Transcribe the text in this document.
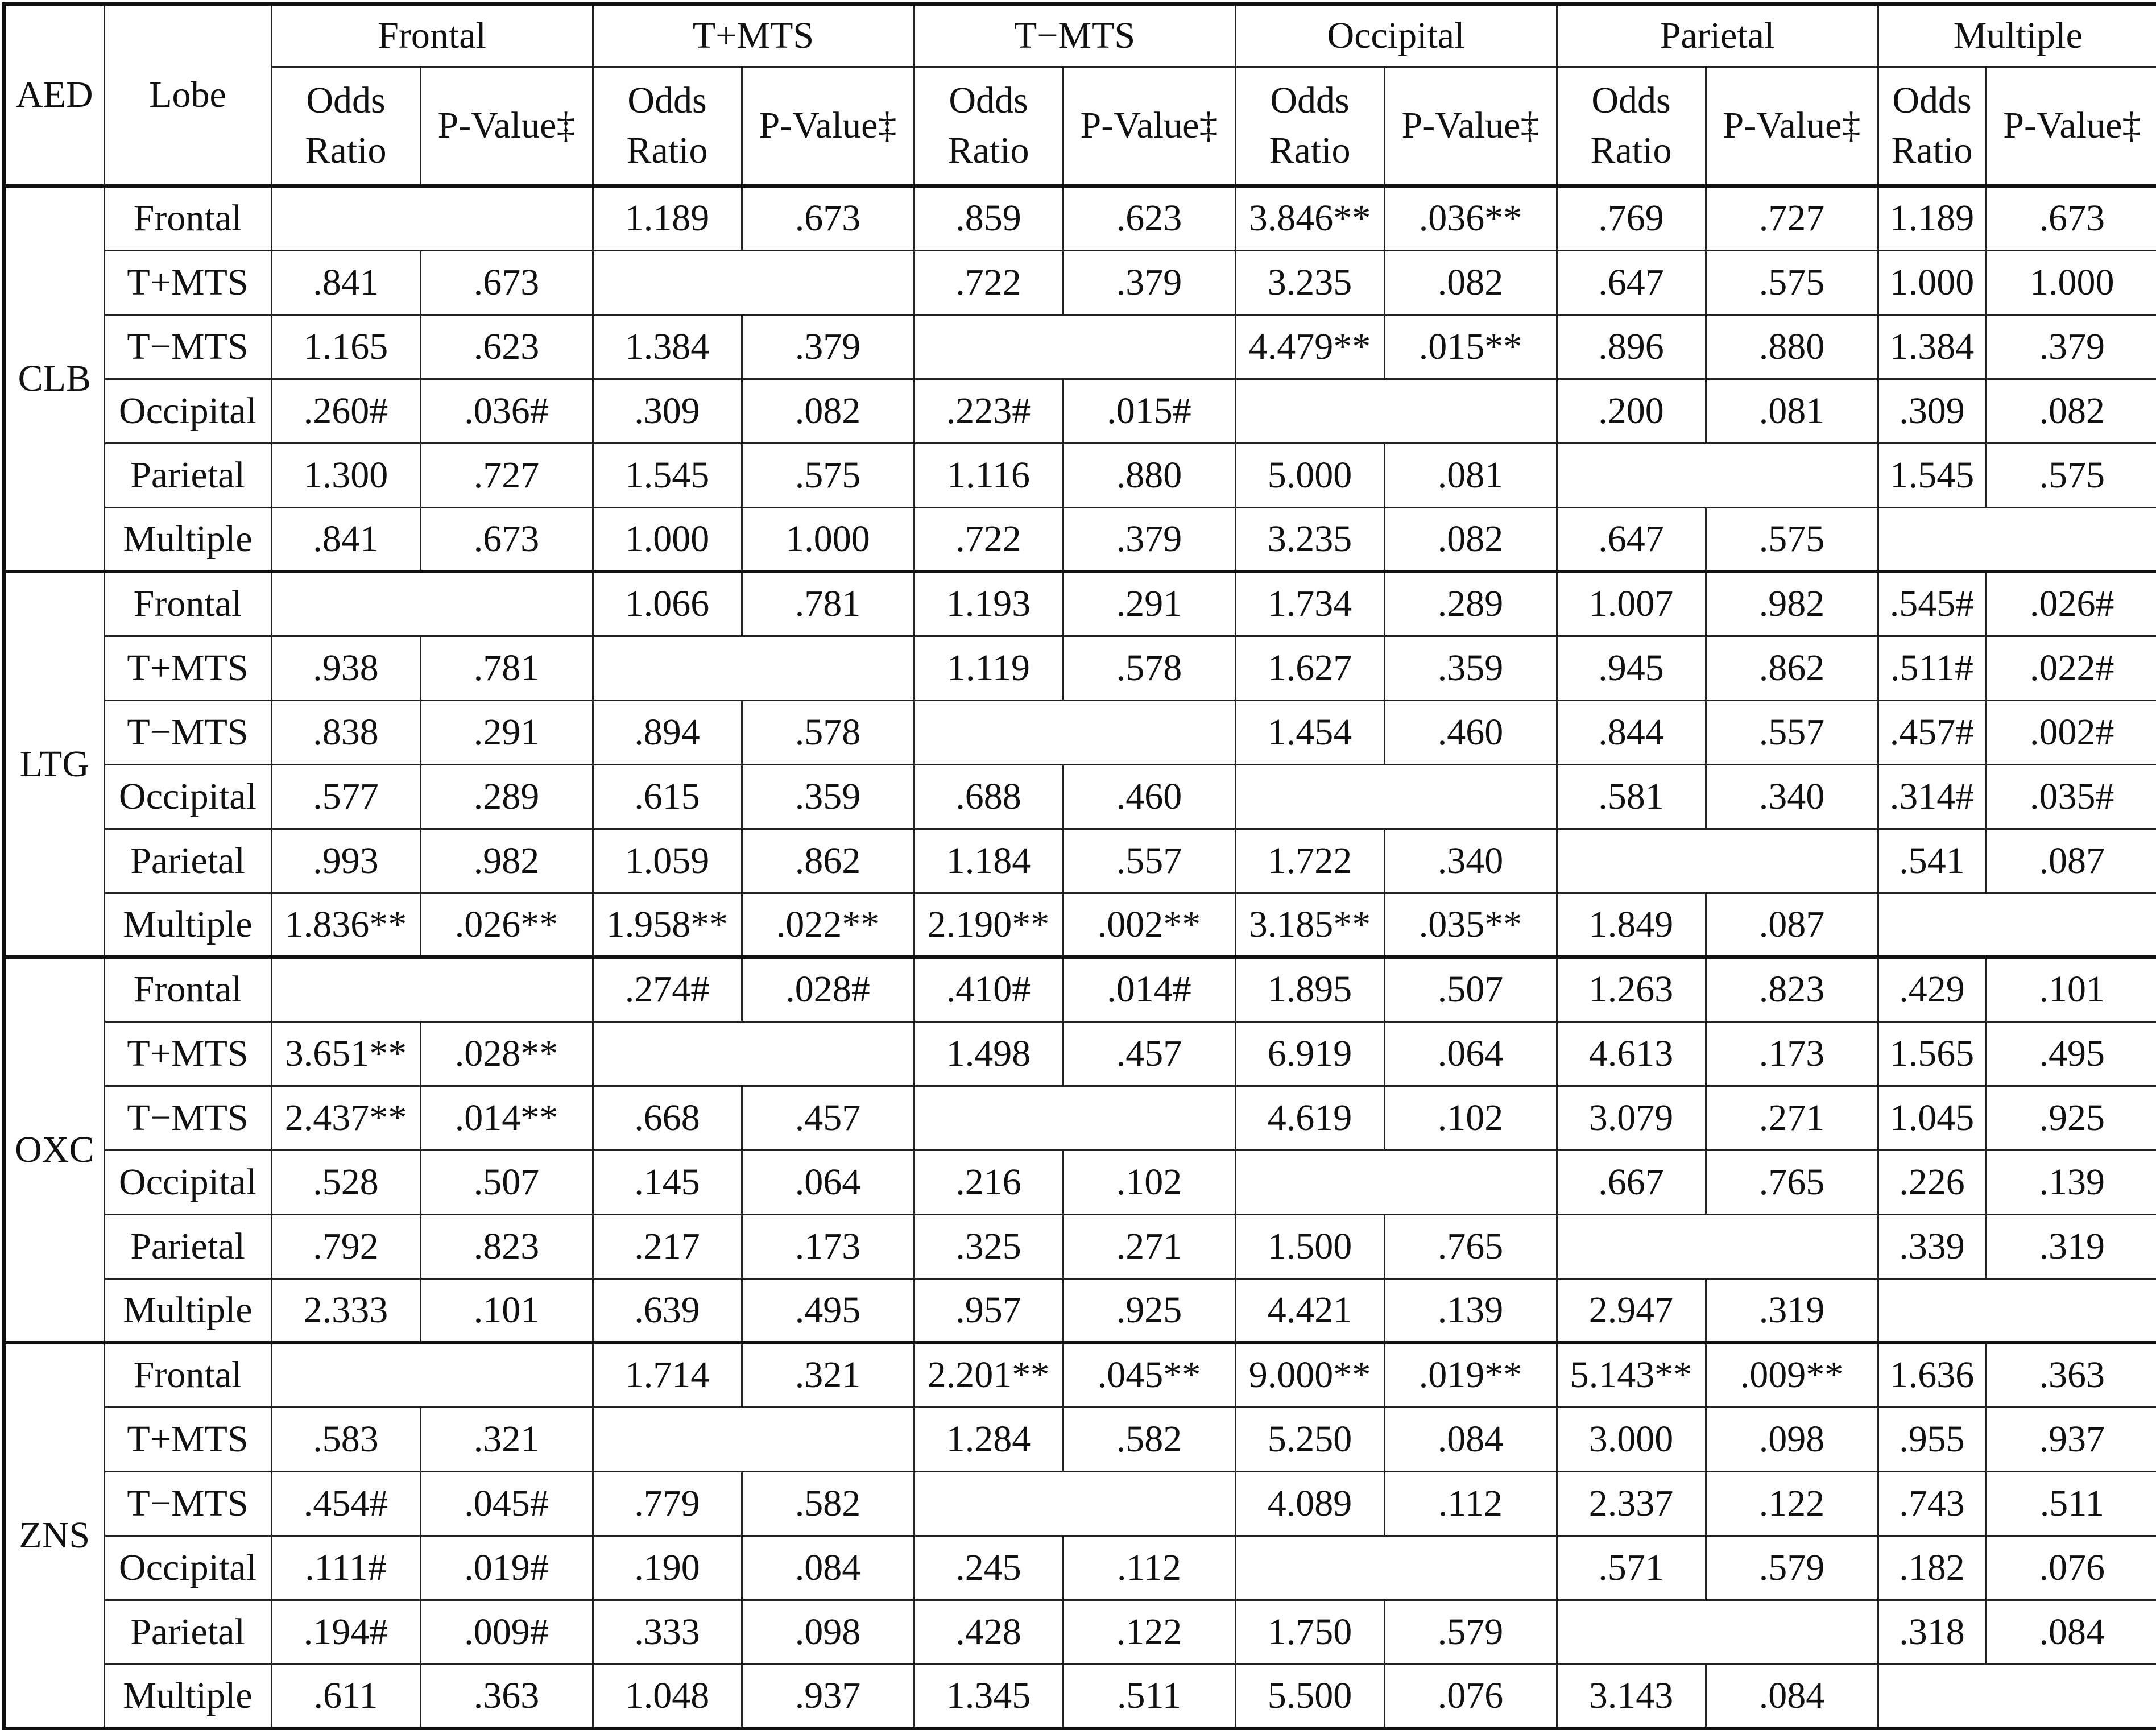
AED	Lobe	Frontal		T+MTS		T−MTS		Occipital		Parietal		Multiple	
		Odds Ratio	P-Value‡	Odds Ratio	P-Value‡	Odds Ratio	P-Value‡	Odds Ratio	P-Value‡	Odds Ratio	P-Value‡	Odds Ratio	P-Value‡
CLB	Frontal			1.189	.673	.859	.623	3.846**	.036**	.769	.727	1.189	.673
	T+MTS	.841	.673			.722	.379	3.235	.082	.647	.575	1.000	1.000
	T−MTS	1.165	.623	1.384	.379			4.479**	.015**	.896	.880	1.384	.379
	Occipital	.260#	.036#	.309	.082	.223#	.015#			.200	.081	.309	.082
	Parietal	1.300	.727	1.545	.575	1.116	.880	5.000	.081			1.545	.575
	Multiple	.841	.673	1.000	1.000	.722	.379	3.235	.082	.647	.575		
LTG	Frontal			1.066	.781	1.193	.291	1.734	.289	1.007	.982	.545#	.026#
	T+MTS	.938	.781			1.119	.578	1.627	.359	.945	.862	.511#	.022#
	T−MTS	.838	.291	.894	.578			1.454	.460	.844	.557	.457#	.002#
	Occipital	.577	.289	.615	.359	.688	.460			.581	.340	.314#	.035#
	Parietal	.993	.982	1.059	.862	1.184	.557	1.722	.340			.541	.087
	Multiple	1.836**	.026**	1.958**	.022**	2.190**	.002**	3.185**	.035**	1.849	.087		
OXC	Frontal			.274#	.028#	.410#	.014#	1.895	.507	1.263	.823	.429	.101
	T+MTS	3.651**	.028**			1.498	.457	6.919	.064	4.613	.173	1.565	.495
	T−MTS	2.437**	.014**	.668	.457			4.619	.102	3.079	.271	1.045	.925
	Occipital	.528	.507	.145	.064	.216	.102			.667	.765	.226	.139
	Parietal	.792	.823	.217	.173	.325	.271	1.500	.765			.339	.319
	Multiple	2.333	.101	.639	.495	.957	.925	4.421	.139	2.947	.319		
ZNS	Frontal			1.714	.321	2.201**	.045**	9.000**	.019**	5.143**	.009**	1.636	.363
	T+MTS	.583	.321			1.284	.582	5.250	.084	3.000	.098	.955	.937
	T−MTS	.454#	.045#	.779	.582			4.089	.112	2.337	.122	.743	.511
	Occipital	.111#	.019#	.190	.084	.245	.112			.571	.579	.182	.076
	Parietal	.194#	.009#	.333	.098	.428	.122	1.750	.579			.318	.084
	Multiple	.611	.363	1.048	.937	1.345	.511	5.500	.076	3.143	.084		
